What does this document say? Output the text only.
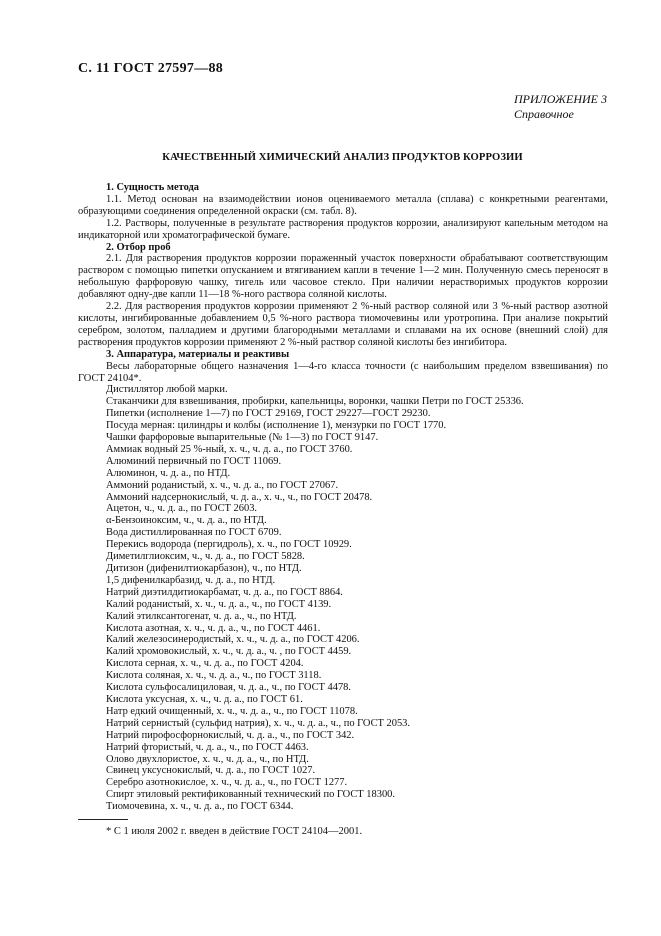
С. 11 ГОСТ 27597—88
ПРИЛОЖЕНИЕ 3
Справочное
КАЧЕСТВЕННЫЙ ХИМИЧЕСКИЙ АНАЛИЗ ПРОДУКТОВ КОРРОЗИИ

1. Сущность метода

1.1. Метод основан на взаимодействии ионов оцениваемого металла (сплава) с конкретными реагентами, образующими соединения определенной окраски (см. табл. 8).

1.2. Растворы, полученные в результате растворения продуктов коррозии, анализируют капельным методом на индикаторной или хроматографической бумаге.

2. Отбор проб

2.1. Для растворения продуктов коррозии пораженный участок поверхности обрабатывают соответствующим раствором с помощью пипетки опусканием и втягиванием капли в течение 1—2 мин. Полученную смесь переносят в небольшую фарфоровую чашку, тигель или часовое стекло. При наличии нерастворимых продуктов коррозии добавляют одну-две капли 11—18 %-ного раствора соляной кислоты.

2.2. Для растворения продуктов коррозии применяют 2 %-ный раствор соляной или 3 %-ный раствор азотной кислоты, ингибированные добавлением 0,5 %-ного раствора тиомочевины или уротропина. При анализе покрытий серебром, золотом, палладием и другими благородными металлами и сплавами на их основе (внешний слой) для растворения продуктов коррозии применяют 2 %-ный раствор соляной кислоты без ингибитора.

3. Аппаратура, материалы и реактивы

Весы лабораторные общего назначения 1—4-го класса точности (с наибольшим пределом взвешивания) по ГОСТ 24104*.

Дистиллятор любой марки.

Стаканчики для взвешивания, пробирки, капельницы, воронки, чашки Петри по ГОСТ 25336.

Пипетки (исполнение 1—7) по ГОСТ 29169, ГОСТ 29227—ГОСТ 29230.

Посуда мерная: цилиндры и колбы (исполнение 1), мензурки по ГОСТ 1770.

Чашки фарфоровые выпарительные (№ 1—3) по ГОСТ 9147.

Аммиак водный 25 %-ный, х. ч., ч. д. а., по ГОСТ 3760.

Алюминий первичный по ГОСТ 11069.

Алюминон, ч. д. а., по НТД.

Аммоний роданистый, х. ч., ч. д. а., по ГОСТ 27067.

Аммоний надсернокислый, ч. д. а., х. ч., ч., по ГОСТ 20478.

Ацетон, ч., ч. д. а., по ГОСТ 2603.

α-Бензоиноксим, ч., ч. д. а., по НТД.

Вода дистиллированная по ГОСТ 6709.

Перекись водорода (пергидроль), х. ч., по ГОСТ 10929.

Диметилглиоксим, ч., ч. д. а., по ГОСТ 5828.

Дитизон (дифенилтиокарбазон), ч., по НТД.

1,5 дифенилкарбазид, ч. д. а., по НТД.

Натрий диэтилдитиокарбамат, ч. д. а., по ГОСТ 8864.

Калий роданистый, х. ч., ч. д. а., ч., по ГОСТ 4139.

Калий этилксантогенат, ч. д. а., ч., по НТД.

Кислота азотная, х. ч., ч. д. а., ч., по ГОСТ 4461.

Калий железосинеродистый, х. ч., ч. д. а., по ГОСТ 4206.

Калий хромовокислый, х. ч., ч. д. а., ч. , по ГОСТ 4459.

Кислота серная, х. ч., ч. д. а., по ГОСТ 4204.

Кислота соляная, х. ч., ч. д. а., ч., по ГОСТ 3118.

Кислота сульфосалициловая, ч. д. а., ч., по ГОСТ 4478.

Кислота уксусная, х. ч., ч. д. а., по ГОСТ 61.

Натр едкий очищенный, х. ч., ч. д. а., ч., по ГОСТ 11078.

Натрий сернистый (сульфид натрия), х. ч., ч. д. а., ч., по ГОСТ 2053.

Натрий пирофосфорнокислый, ч. д. а., ч., по ГОСТ 342.

Натрий фтористый, ч. д. а., ч., по ГОСТ 4463.

Олово двухлористое, х. ч., ч. д. а., ч., по НТД.

Свинец уксуснокислый, ч. д. а., по ГОСТ 1027.

Серебро азотнокислое, х. ч., ч. д. а., ч., по ГОСТ 1277.

Спирт этиловый ректификованный технический по ГОСТ 18300.

Тиомочевина, х. ч., ч. д. а., по ГОСТ 6344.

* С 1 июля 2002 г. введен в действие ГОСТ 24104—2001.
